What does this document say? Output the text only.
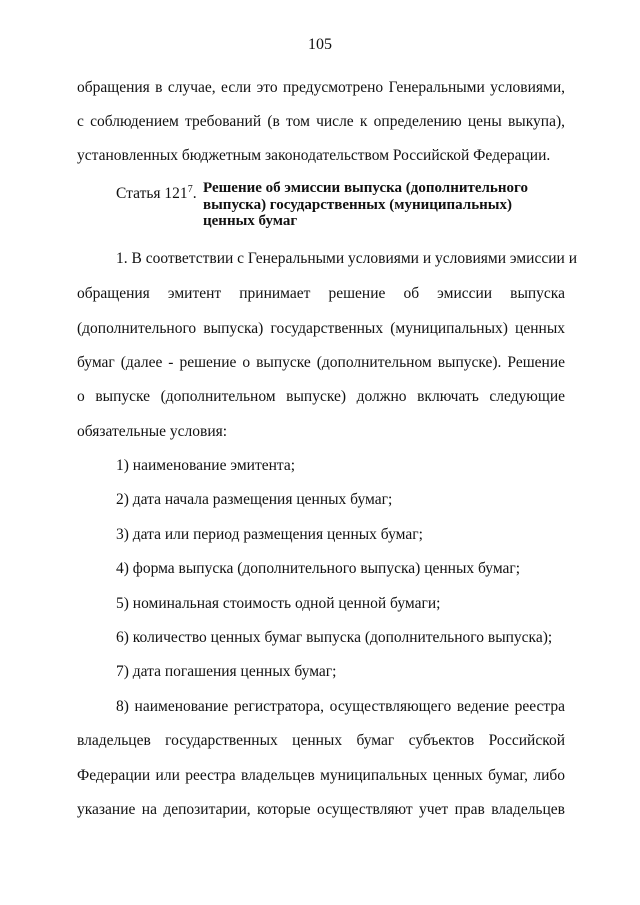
105
обращения в случае, если это предусмотрено Генеральными условиями,
с соблюдением требований (в том числе к определению цены выкупа),
установленных бюджетным законодательством Российской Федерации.
Статья $121^7$. Решение об эмиссии выпуска (дополнительного
выпуска) государственных (муниципальных)
ценных бумаг
1. В соответствии с Генеральными условиями и условиями эмиссии и
обращения эмитент принимает решение об эмиссии выпуска
(дополнительного выпуска) государственных (муниципальных) ценных
бумаг (далее - решение о выпуске (дополнительном выпуске). Решение
о выпуске (дополнительном выпуске) должно включать следующие
обязательные условия:
1) наименование эмитента;
2) дата начала размещения ценных бумаг;
3) дата или период размещения ценных бумаг;
4) форма выпуска (дополнительного выпуска) ценных бумаг;
5) номинальная стоимость одной ценной бумаги;
6) количество ценных бумаг выпуска (дополнительного выпуска);
7) дата погашения ценных бумаг;
8) наименование регистратора, осуществляющего ведение реестра
владельцев государственных ценных бумаг субъектов Российской
Федерации или реестра владельцев муниципальных ценных бумаг, либо
указание на депозитарии, которые осуществляют учет прав владельцев
